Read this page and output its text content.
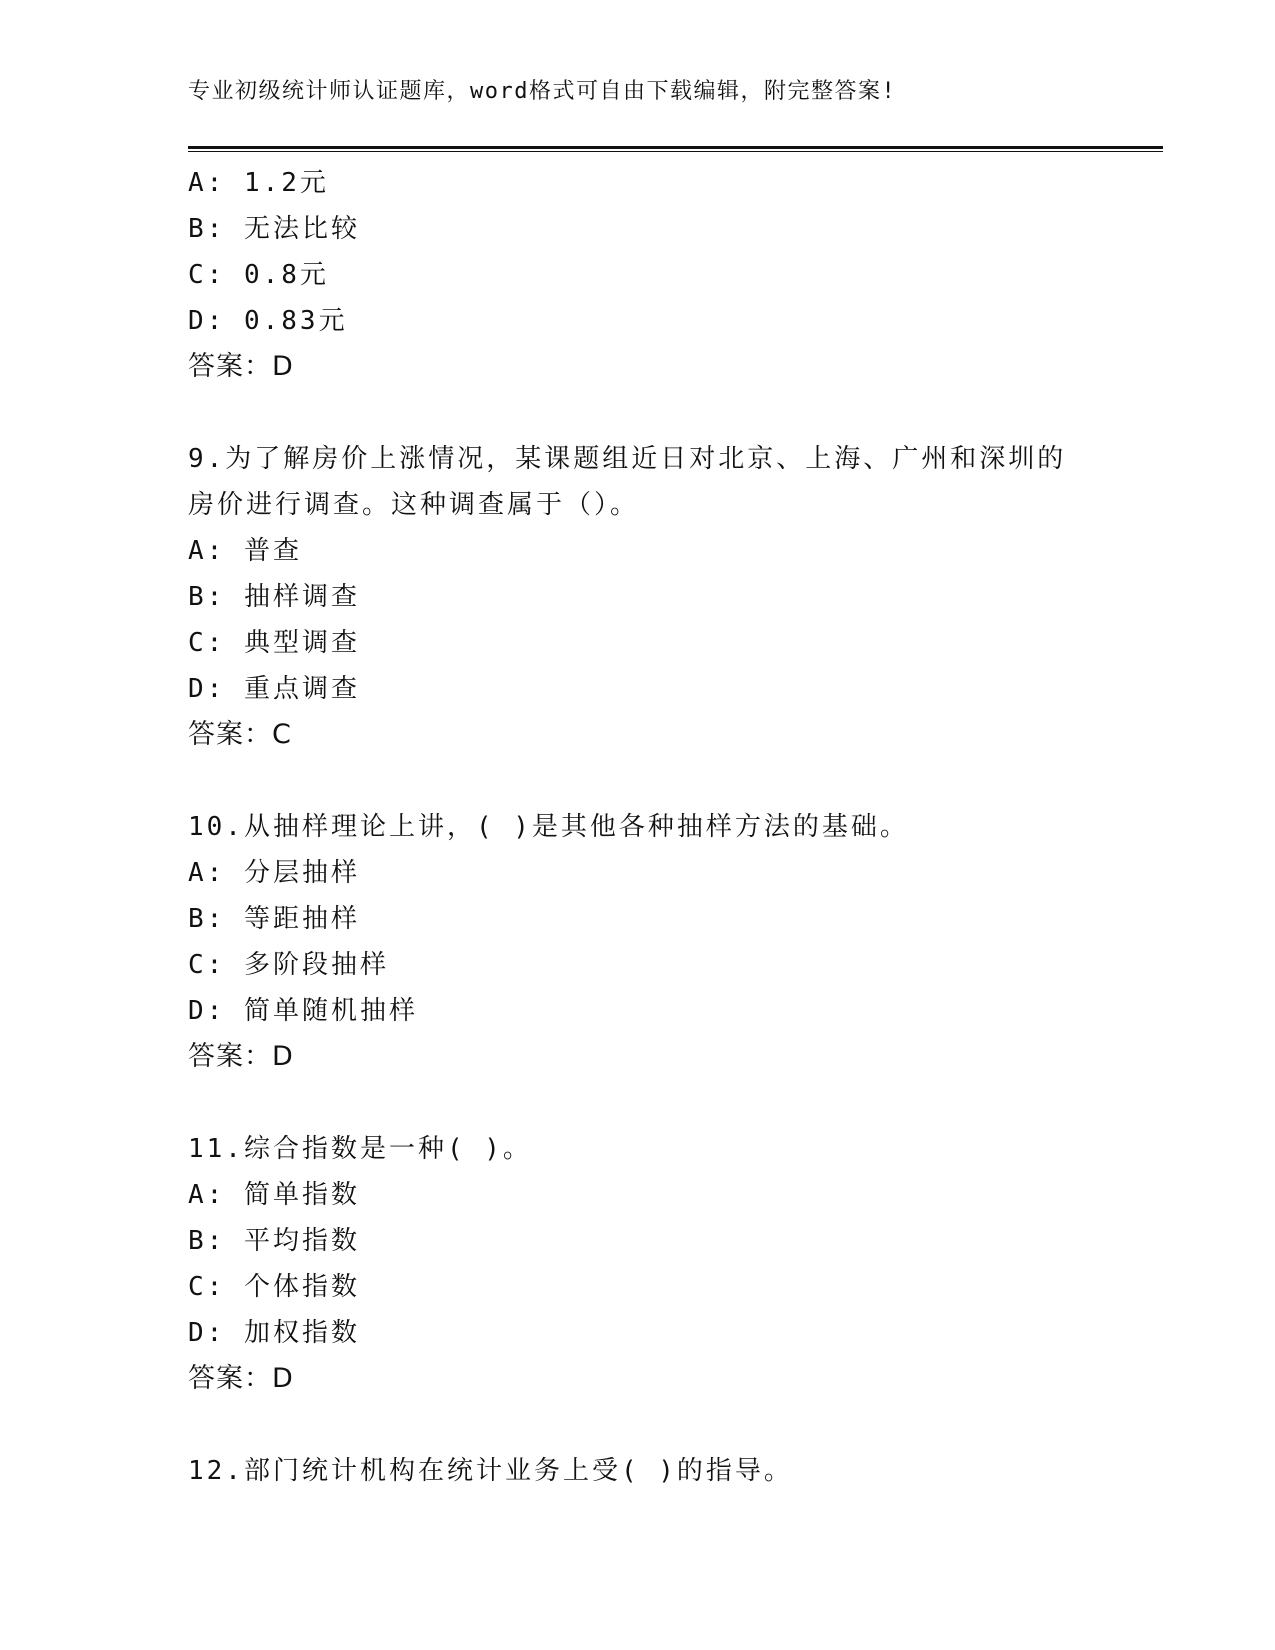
专业初级统计师认证题库，word格式可自由下载编辑，附完整答案!
A: 1.2元
B: 无法比较
C: 0.8元
D: 0.83元
答案：D
9.为了解房价上涨情况，某课题组近日对北京、上海、广州和深圳的
房价进行调查。这种调查属于（）。
A: 普查
B: 抽样调查
C: 典型调查
D: 重点调查
答案：C
10.从抽样理论上讲，( )是其他各种抽样方法的基础。
A: 分层抽样
B: 等距抽样
C: 多阶段抽样
D: 简单随机抽样
答案：D
11.综合指数是一种( )。
A: 简单指数
B: 平均指数
C: 个体指数
D: 加权指数
答案：D
12.部门统计机构在统计业务上受( )的指导。
